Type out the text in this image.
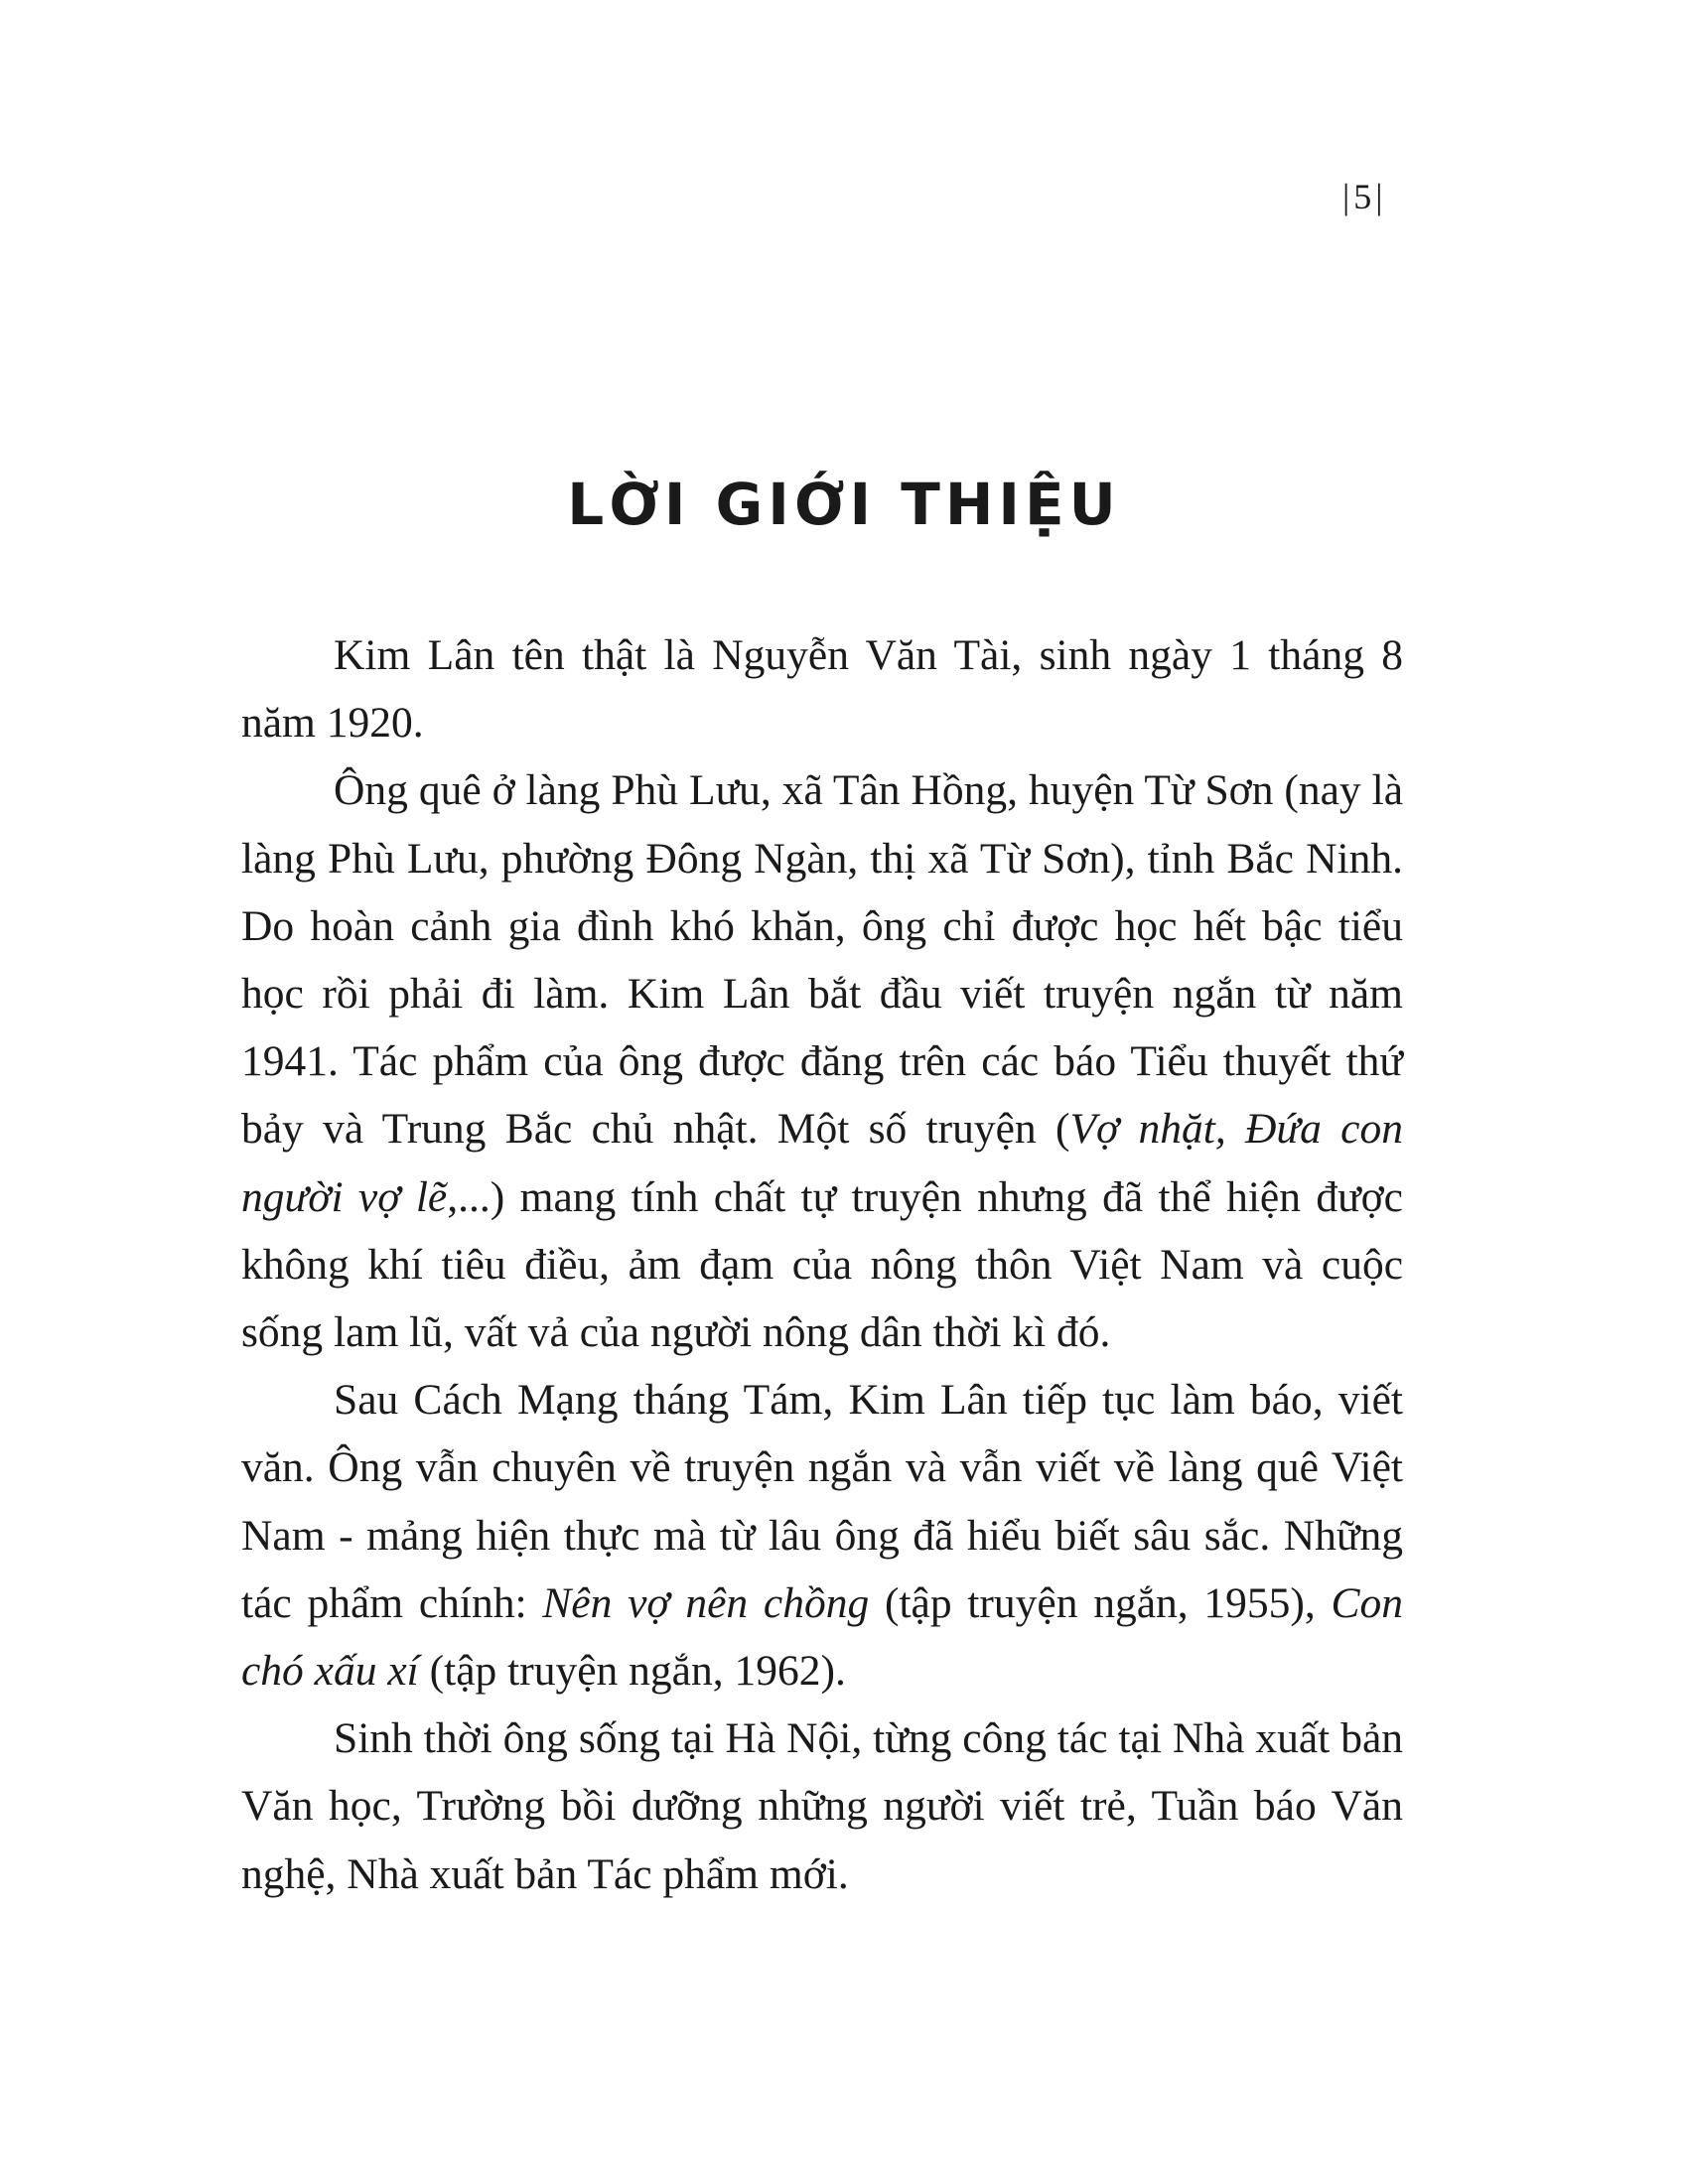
|5|
LỜI GIỚI THIỆU

Kim Lân tên thật là Nguyễn Văn Tài, sinh ngày 1 tháng 8 năm 1920.

Ông quê ở làng Phù Lưu, xã Tân Hồng, huyện Từ Sơn (nay là làng Phù Lưu, phường Đông Ngàn, thị xã Từ Sơn), tỉnh Bắc Ninh. Do hoàn cảnh gia đình khó khăn, ông chỉ được học hết bậc tiểu học rồi phải đi làm. Kim Lân bắt đầu viết truyện ngắn từ năm 1941. Tác phẩm của ông được đăng trên các báo Tiểu thuyết thứ bảy và Trung Bắc chủ nhật. Một số truyện (Vợ nhặt, Đứa con người vợ lẽ,...) mang tính chất tự truyện nhưng đã thể hiện được không khí tiêu điều, ảm đạm của nông thôn Việt Nam và cuộc sống lam lũ, vất vả của người nông dân thời kì đó.

Sau Cách Mạng tháng Tám, Kim Lân tiếp tục làm báo, viết văn. Ông vẫn chuyên về truyện ngắn và vẫn viết về làng quê Việt Nam - mảng hiện thực mà từ lâu ông đã hiểu biết sâu sắc. Những tác phẩm chính: Nên vợ nên chồng (tập truyện ngắn, 1955), Con chó xấu xí (tập truyện ngắn, 1962).

Sinh thời ông sống tại Hà Nội, từng công tác tại Nhà xuất bản Văn học, Trường bồi dưỡng những người viết trẻ, Tuần báo Văn nghệ, Nhà xuất bản Tác phẩm mới.
